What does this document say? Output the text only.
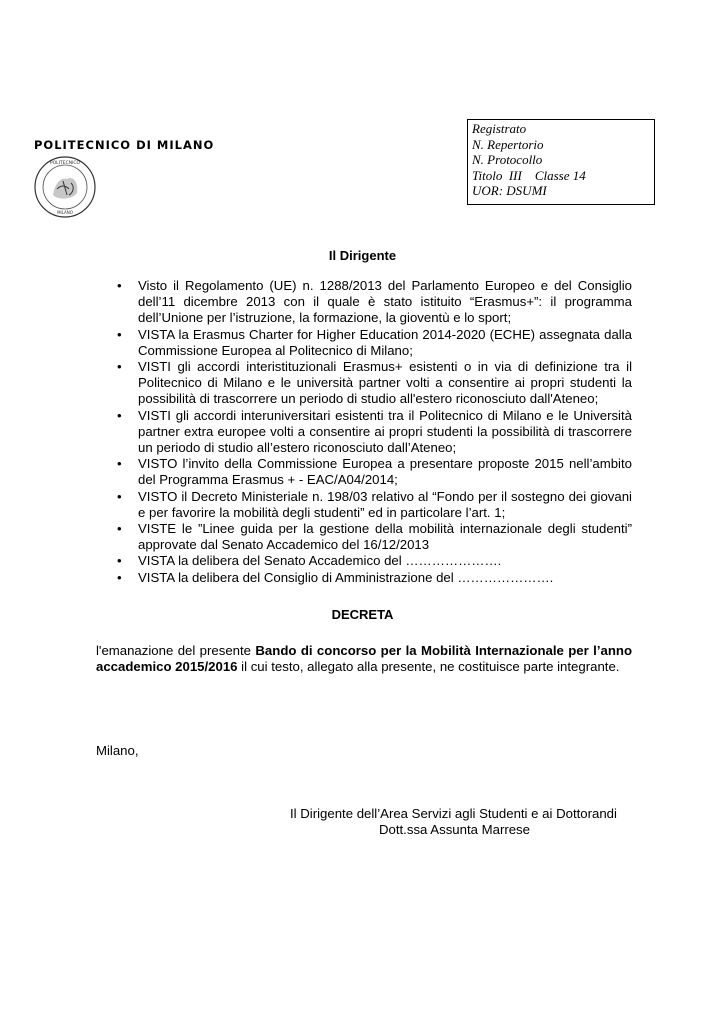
POLITECNICO DI MILANO
POLITECNICO
MILANO
Registrato
N. Repertorio
N. Protocollo
Titolo  III    Classe 14
UOR: DSUMI
Il Dirigente
• Visto il Regolamento (UE) n. 1288/2013 del Parlamento Europeo e del Consiglio dell’11 dicembre 2013 con il quale è stato istituito “Erasmus+”: il programma dell’Unione per l’istruzione, la formazione, la gioventù e lo sport;
• VISTA la Erasmus Charter for Higher Education 2014-2020 (ECHE) assegnata dalla Commissione Europea al Politecnico di Milano;
• VISTI gli accordi interistituzionali Erasmus+ esistenti o in via di definizione tra il Politecnico di Milano e le università partner volti a consentire ai propri studenti la possibilità di trascorrere un periodo di studio all'estero riconosciuto dall'Ateneo;
• VISTI gli accordi interuniversitari esistenti tra il Politecnico di Milano e le Università partner extra europee volti a consentire ai propri studenti la possibilità di trascorrere un periodo di studio all’estero riconosciuto dall’Ateneo;
• VISTO l’invito della Commissione Europea a presentare proposte 2015 nell’ambito del Programma Erasmus + - EAC/A04/2014;
• VISTO il Decreto Ministeriale n. 198/03 relativo al “Fondo per il sostegno dei giovani e per favorire la mobilità degli studenti” ed in particolare l’art. 1;
• VISTE le ”Linee guida per la gestione della mobilità internazionale degli studenti” approvate dal Senato Accademico del 16/12/2013
• VISTA la delibera del Senato Accademico del ………………….
• VISTA la delibera del Consiglio di Amministrazione del ………………….
DECRETA
l'emanazione del presente Bando di concorso per la Mobilità Internazionale per l’anno accademico 2015/2016 il cui testo, allegato alla presente, ne costituisce parte integrante.
Milano,
Il Dirigente dell’Area Servizi agli Studenti e ai Dottorandi
Dott.ssa Assunta Marrese
